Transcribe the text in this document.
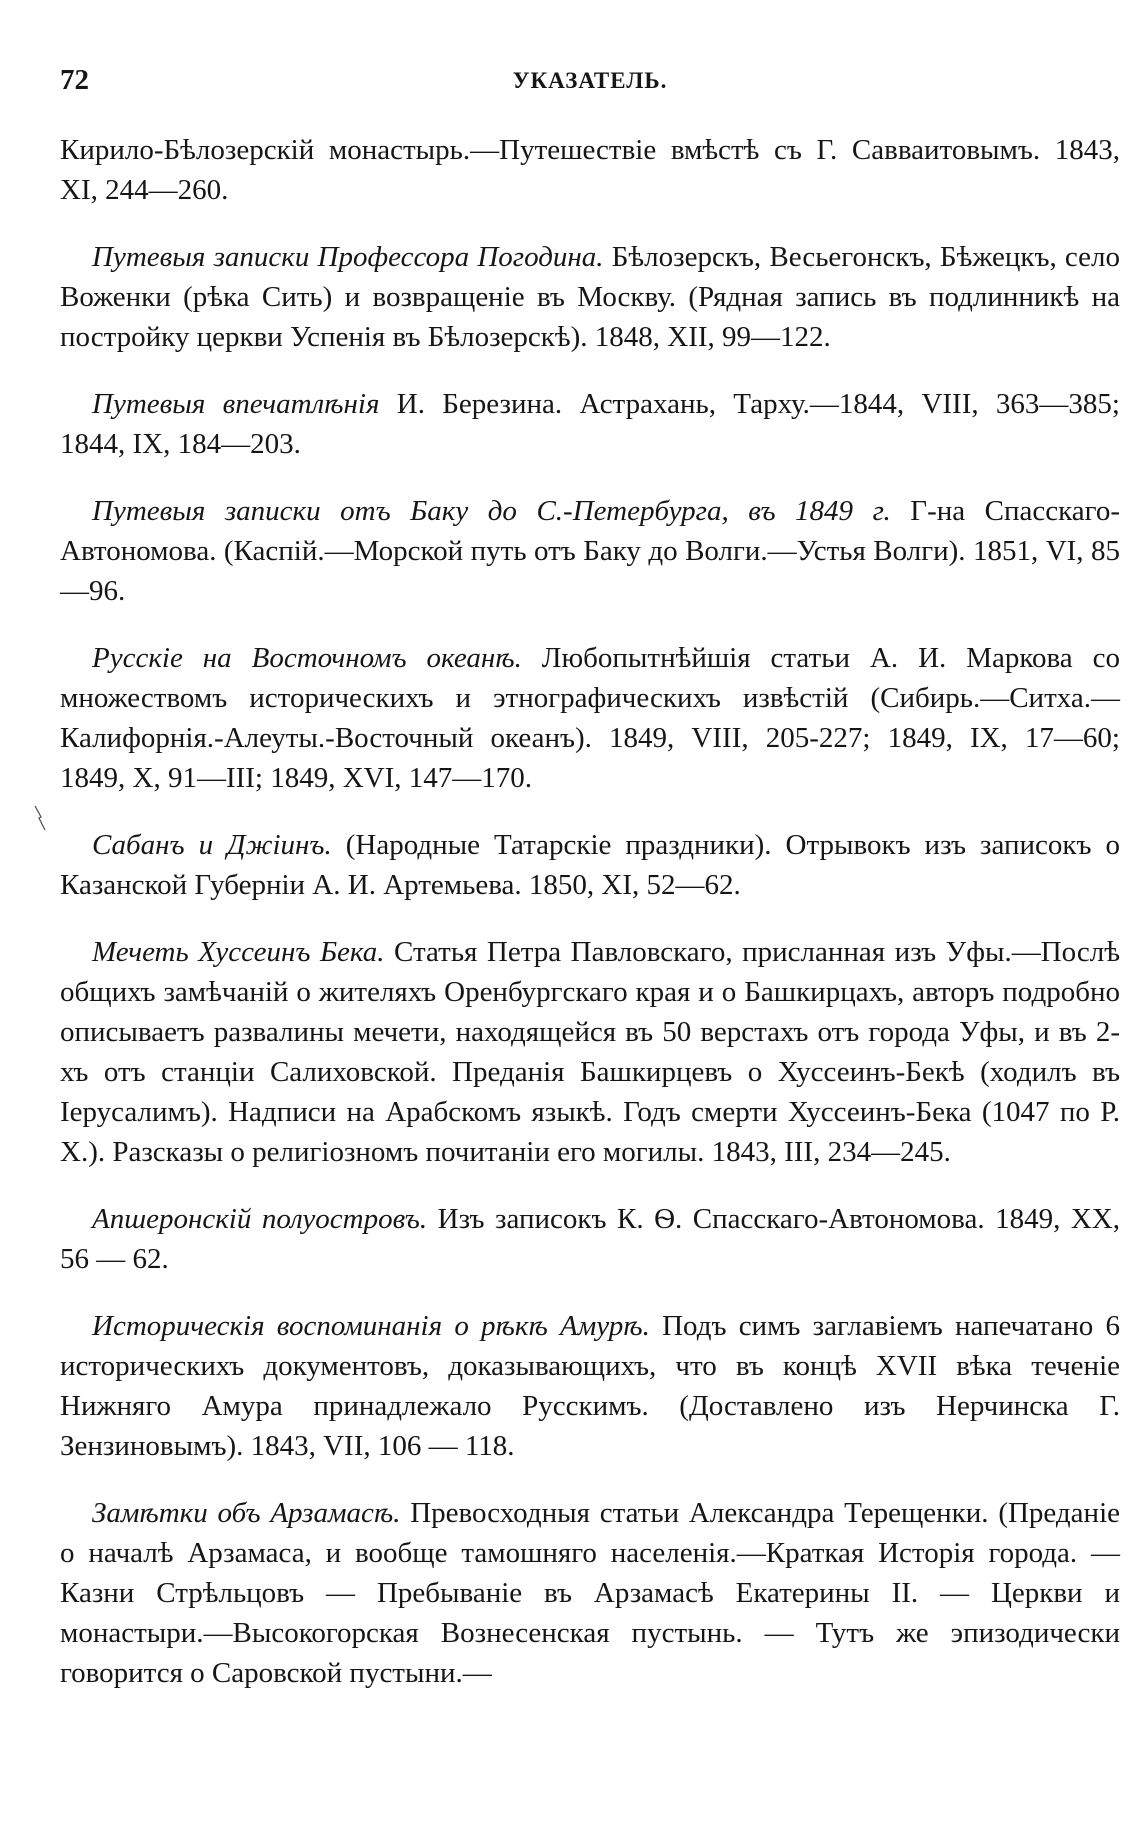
72	УКАЗАТЕЛЬ.

Кирило-Бѣлозерскій монастырь.—Путешествіе вмѣстѣ съ Г. Савваитовымъ. 1843, XI, 244—260.

Путевыя записки Профессора Погодина. Бѣлозерскъ, Весьегонскъ, Бѣжецкъ, село Воженки (рѣка Сить) и возвращеніе въ Москву. (Рядная запись въ подлинникѣ на постройку церкви Успенія въ Бѣлозерскѣ). 1848, XII, 99—122.

Путевыя впечатлѣнія И. Березина. Астрахань, Тарху.—1844, VIII, 363—385; 1844, IX, 184—203.

Путевыя записки отъ Баку до С.-Петербурга, въ 1849 г. Г-на Спасскаго-Автономова. (Каспій.—Морской путь отъ Баку до Волги.—Устья Волги). 1851, VI, 85—96.

Русскіе на Восточномъ океанѣ. Любопытнѣйшія статьи А. И. Маркова со множествомъ историческихъ и этнографическихъ извѣстій (Сибирь.—Ситха.—Калифорнія.-Алеуты.-Восточный океанъ). 1849, VIII, 205-227; 1849, IX, 17—60; 1849, X, 91—III; 1849, XVI, 147—170.

Сабанъ и Джіинъ. (Народные Татарскіе праздники). Отрывокъ изъ записокъ о Казанской Губерніи А. И. Артемьева. 1850, XI, 52—62.

Мечеть Хуссеинъ Бека. Статья Петра Павловскаго, присланная изъ Уфы.—Послѣ общихъ замѣчаній о жителяхъ Оренбургскаго края и о Башкирцахъ, авторъ подробно описываетъ развалины мечети, находящейся въ 50 верстахъ отъ города Уфы, и въ 2-хъ отъ станціи Салиховской. Преданія Башкирцевъ о Хуссеинъ-Бекѣ (ходилъ въ Іерусалимъ). Надписи на Арабскомъ языкѣ. Годъ смерти Хуссеинъ-Бека (1047 по Р. Х.). Разсказы о религіозномъ почитаніи его могилы. 1843, III, 234—245.

Апшеронскій полуостровъ. Изъ записокъ К. Ѳ. Спасскаго-Автономова. 1849, XX, 56 — 62.

Историческія воспоминанія о рѣкѣ Амурѣ. Подъ симъ заглавіемъ напечатано 6 историческихъ документовъ, доказывающихъ, что въ концѣ XVII вѣка теченіе Нижняго Амура принадлежало Русскимъ. (Доставлено изъ Нерчинска Г. Зензиновымъ). 1843, VII, 106 — 118.

Замѣтки объ Арзамасѣ. Превосходныя статьи Александра Терещенки. (Преданіе о началѣ Арзамаса, и вообще тамошняго населенія.—Краткая Исторія города. — Казни Стрѣльцовъ — Пребываніе въ Арзамасѣ Екатерины II. — Церкви и монастыри.—Высокогорская Вознесенская пустынь. — Тутъ же эпизодически говорится о Саровской пустыни.—
